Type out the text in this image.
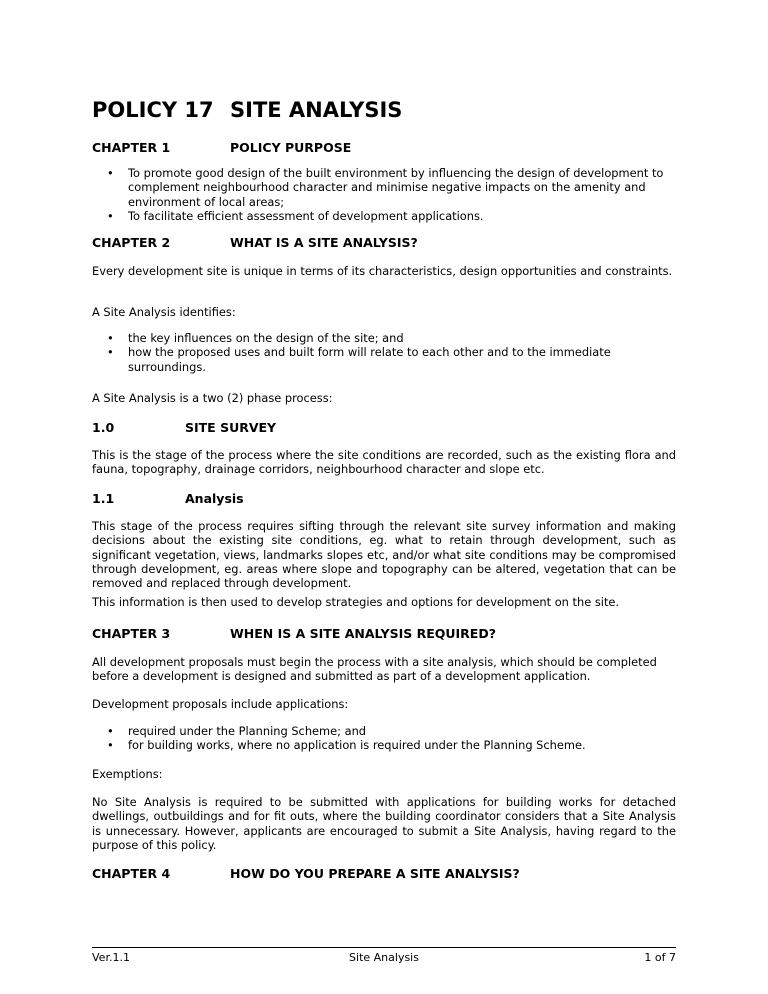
POLICY 17 SITE ANALYSIS
CHAPTER 1	POLICY PURPOSE
• To promote good design of the built environment by influencing the design of development to complement neighbourhood character and minimise negative impacts on the amenity and environment of local areas;
• To facilitate efficient assessment of development applications.
CHAPTER 2	WHAT IS A SITE ANALYSIS?
Every development site is unique in terms of its characteristics, design opportunities and constraints.
A Site Analysis identifies:
• the key influences on the design of the site; and
• how the proposed uses and built form will relate to each other and to the immediate surroundings.
A Site Analysis is a two (2) phase process:
1.0	SITE SURVEY
This is the stage of the process where the site conditions are recorded, such as the existing flora and fauna, topography, drainage corridors, neighbourhood character and slope etc.
1.1	Analysis
This stage of the process requires sifting through the relevant site survey information and making decisions about the existing site conditions, eg. what to retain through development, such as significant vegetation, views, landmarks slopes etc, and/or what site conditions may be compromised through development, eg. areas where slope and topography can be altered, vegetation that can be removed and replaced through development.
This information is then used to develop strategies and options for development on the site.
CHAPTER 3	WHEN IS A SITE ANALYSIS REQUIRED?
All development proposals must begin the process with a site analysis, which should be completed before a development is designed and submitted as part of a development application.
Development proposals include applications:
• required under the Planning Scheme; and
• for building works, where no application is required under the Planning Scheme.
Exemptions:
No Site Analysis is required to be submitted with applications for building works for detached dwellings, outbuildings and for fit outs, where the building coordinator considers that a Site Analysis is unnecessary. However, applicants are encouraged to submit a Site Analysis, having regard to the purpose of this policy.
CHAPTER 4	HOW DO YOU PREPARE A SITE ANALYSIS?
Ver.1.1	Site Analysis	1 of 7
